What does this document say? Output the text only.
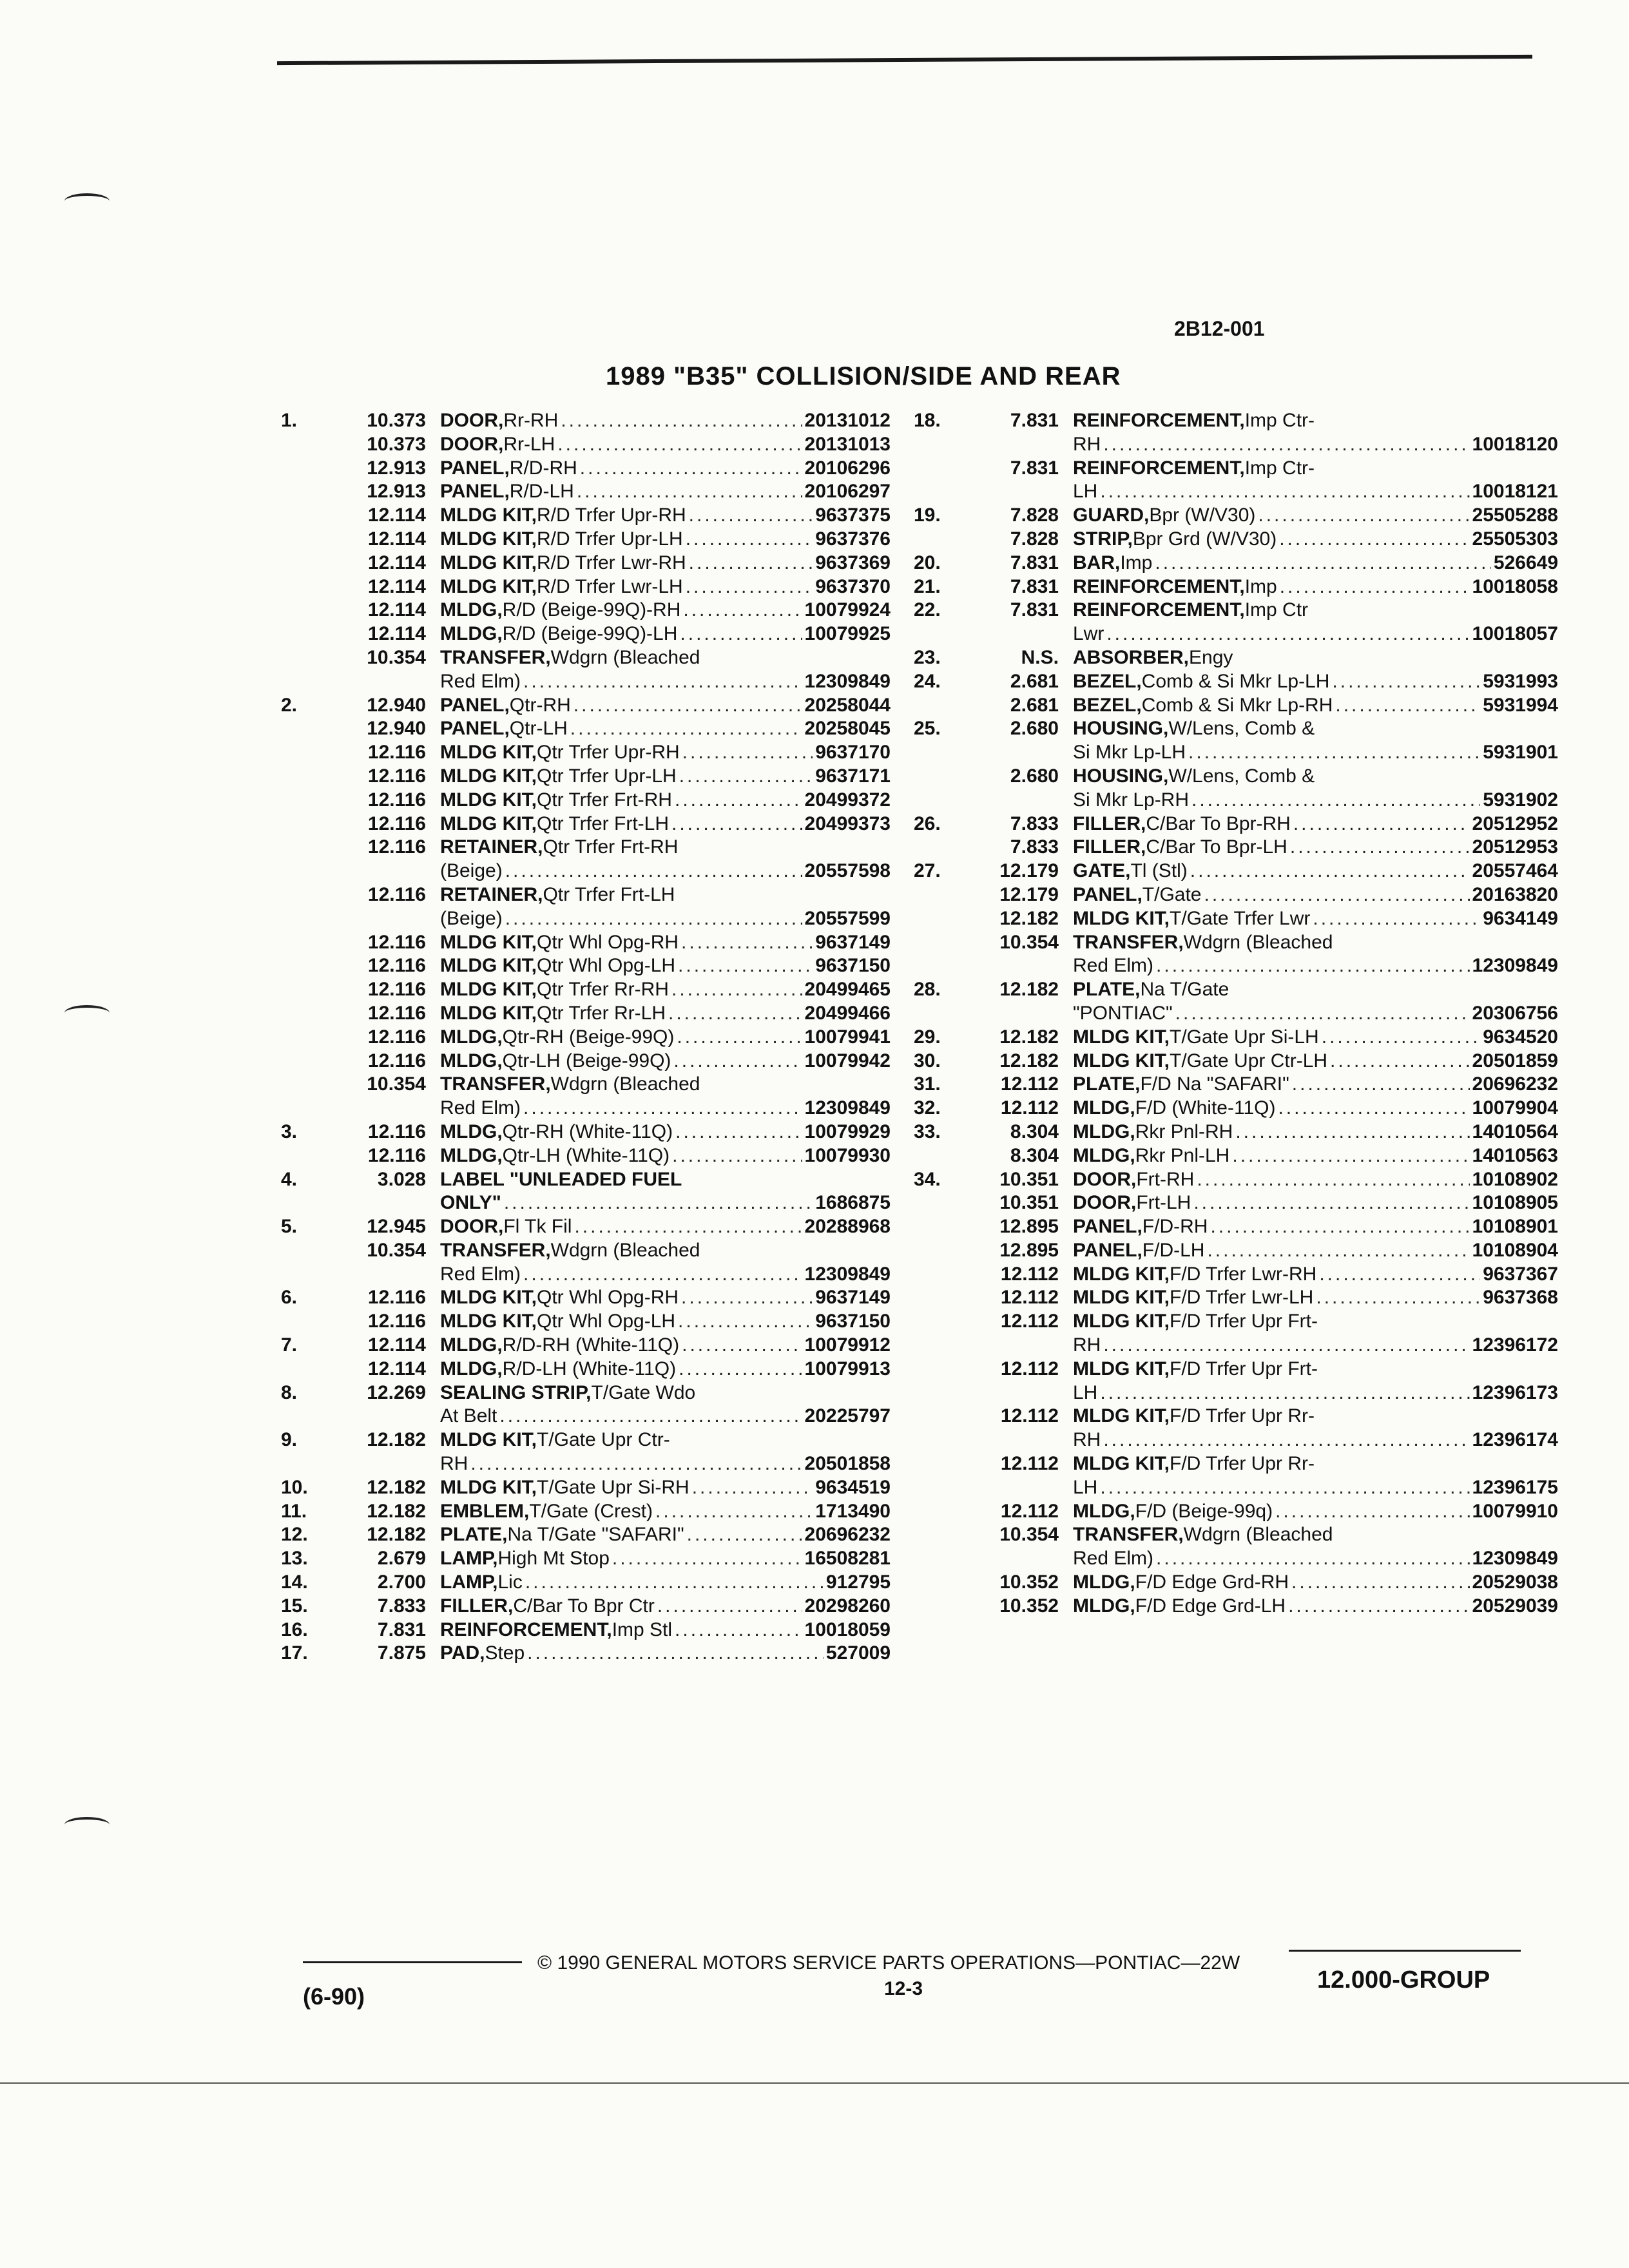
2B12-001
1989 "B35" COLLISION/SIDE AND REAR
1.	10.373 DOOR, Rr-RH .....	20131012
10.373 DOOR, Rr-LH .....	20131013
12.913 PANEL, R/D-RH .....	20106296
12.913 PANEL, R/D-LH .....	20106297
12.114 MLDG KIT, R/D Trfer Upr-RH .....	9637375
12.114 MLDG KIT, R/D Trfer Upr-LH .....	9637376
12.114 MLDG KIT, R/D Trfer Lwr-RH .....	9637369
12.114 MLDG KIT, R/D Trfer Lwr-LH .....	9637370
12.114 MLDG, R/D (Beige-99Q)-RH .....	10079924
12.114 MLDG, R/D (Beige-99Q)-LH .....	10079925
10.354 TRANSFER, Wdgrn (Bleached
Red Elm) .....	12309849
2.	12.940 PANEL, Qtr-RH .....	20258044
12.940 PANEL, Qtr-LH .....	20258045
12.116 MLDG KIT, Qtr Trfer Upr-RH .....	9637170
12.116 MLDG KIT, Qtr Trfer Upr-LH .....	9637171
12.116 MLDG KIT, Qtr Trfer Frt-RH .....	20499372
12.116 MLDG KIT, Qtr Trfer Frt-LH .....	20499373
12.116 RETAINER, Qtr Trfer Frt-RH
(Beige) .....	20557598
12.116 RETAINER, Qtr Trfer Frt-LH
(Beige) .....	20557599
12.116 MLDG KIT, Qtr Whl Opg-RH .....	9637149
12.116 MLDG KIT, Qtr Whl Opg-LH .....	9637150
12.116 MLDG KIT, Qtr Trfer Rr-RH .....	20499465
12.116 MLDG KIT, Qtr Trfer Rr-LH .....	20499466
12.116 MLDG, Qtr-RH (Beige-99Q) .....	10079941
12.116 MLDG, Qtr-LH (Beige-99Q) .....	10079942
10.354 TRANSFER, Wdgrn (Bleached
Red Elm) .....	12309849
3.	12.116 MLDG, Qtr-RH (White-11Q) .....	10079929
12.116 MLDG, Qtr-LH (White-11Q) .....	10079930
4.	3.028 LABEL "UNLEADED FUEL
ONLY" .....	1686875
5.	12.945 DOOR, Fl Tk Fil .....	20288968
10.354 TRANSFER, Wdgrn (Bleached
Red Elm) .....	12309849
6.	12.116 MLDG KIT, Qtr Whl Opg-RH .....	9637149
12.116 MLDG KIT, Qtr Whl Opg-LH .....	9637150
7.	12.114 MLDG, R/D-RH (White-11Q) .....	10079912
12.114 MLDG, R/D-LH (White-11Q) .....	10079913
8.	12.269 SEALING STRIP, T/Gate Wdo
At Belt .....	20225797
9.	12.182 MLDG KIT, T/Gate Upr Ctr-
RH .....	20501858
10.	12.182 MLDG KIT, T/Gate Upr Si-RH .....	9634519
11.	12.182 EMBLEM, T/Gate (Crest) .....	1713490
12.	12.182 PLATE, Na T/Gate "SAFARI" .....	20696232
13.	2.679 LAMP, High Mt Stop .....	16508281
14.	2.700 LAMP, Lic .....	912795
15.	7.833 FILLER, C/Bar To Bpr Ctr .....	20298260
16.	7.831 REINFORCEMENT, Imp Stl .....	10018059
17.	7.875 PAD, Step .....	527009
18.	7.831 REINFORCEMENT, Imp Ctr-
RH .....	10018120
7.831 REINFORCEMENT, Imp Ctr-
LH .....	10018121
19.	7.828 GUARD, Bpr (W/V30) .....	25505288
7.828 STRIP, Bpr Grd (W/V30) .....	25505303
20.	7.831 BAR, Imp .....	526649
21.	7.831 REINFORCEMENT, Imp .....	10018058
22.	7.831 REINFORCEMENT, Imp Ctr
Lwr .....	10018057
23.	N.S. ABSORBER, Engy
24.	2.681 BEZEL, Comb & Si Mkr Lp-LH .....	5931993
2.681 BEZEL, Comb & Si Mkr Lp-RH .....	5931994
25.	2.680 HOUSING, W/Lens, Comb &
Si Mkr Lp-LH .....	5931901
2.680 HOUSING, W/Lens, Comb &
Si Mkr Lp-RH .....	5931902
26.	7.833 FILLER, C/Bar To Bpr-RH .....	20512952
7.833 FILLER, C/Bar To Bpr-LH .....	20512953
27.	12.179 GATE, Tl (Stl) .....	20557464
12.179 PANEL, T/Gate .....	20163820
12.182 MLDG KIT, T/Gate Trfer Lwr .....	9634149
10.354 TRANSFER, Wdgrn (Bleached
Red Elm) .....	12309849
28.	12.182 PLATE, Na T/Gate
"PONTIAC" .....	20306756
29.	12.182 MLDG KIT, T/Gate Upr Si-LH .....	9634520
30.	12.182 MLDG KIT, T/Gate Upr Ctr-LH .....	20501859
31.	12.112 PLATE, F/D Na "SAFARI" .....	20696232
32.	12.112 MLDG, F/D (White-11Q) .....	10079904
33.	8.304 MLDG, Rkr Pnl-RH .....	14010564
8.304 MLDG, Rkr Pnl-LH .....	14010563
34.	10.351 DOOR, Frt-RH .....	10108902
10.351 DOOR, Frt-LH .....	10108905
12.895 PANEL, F/D-RH .....	10108901
12.895 PANEL, F/D-LH .....	10108904
12.112 MLDG KIT, F/D Trfer Lwr-RH .....	9637367
12.112 MLDG KIT, F/D Trfer Lwr-LH .....	9637368
12.112 MLDG KIT, F/D Trfer Upr Frt-
RH .....	12396172
12.112 MLDG KIT, F/D Trfer Upr Frt-
LH .....	12396173
12.112 MLDG KIT, F/D Trfer Upr Rr-
RH .....	12396174
12.112 MLDG KIT, F/D Trfer Upr Rr-
LH .....	12396175
12.112 MLDG, F/D (Beige-99q) .....	10079910
10.354 TRANSFER, Wdgrn (Bleached
Red Elm) .....	12309849
10.352 MLDG, F/D Edge Grd-RH .....	20529038
10.352 MLDG, F/D Edge Grd-LH .....	20529039
(6-90)
© 1990 GENERAL MOTORS SERVICE PARTS OPERATIONS—PONTIAC—22W
12-3	12.000-GROUP
